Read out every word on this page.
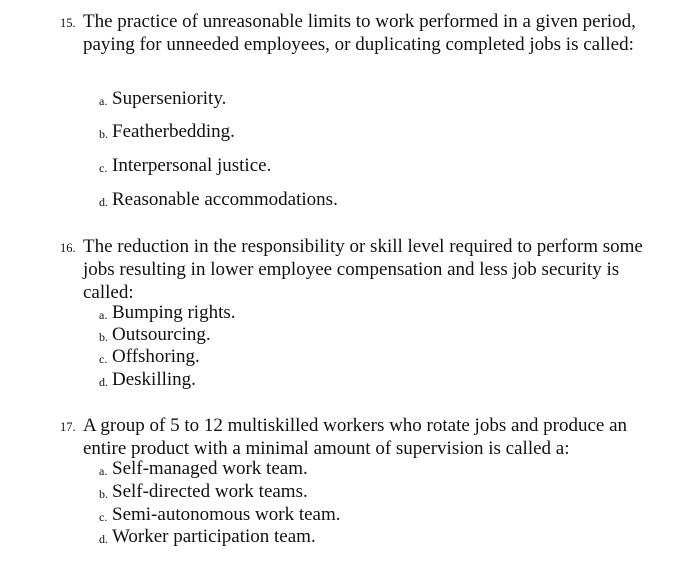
15. The practice of unreasonable limits to work performed in a given period, paying for unneeded employees, or duplicating completed jobs is called:
a. Superseniority.
b. Featherbedding.
c. Interpersonal justice.
d. Reasonable accommodations.
16. The reduction in the responsibility or skill level required to perform some jobs resulting in lower employee compensation and less job security is called:
a. Bumping rights.
b. Outsourcing.
c. Offshoring.
d. Deskilling.
17. A group of 5 to 12 multiskilled workers who rotate jobs and produce an entire product with a minimal amount of supervision is called a:
a. Self-managed work team.
b. Self-directed work teams.
c. Semi-autonomous work team.
d. Worker participation team.
